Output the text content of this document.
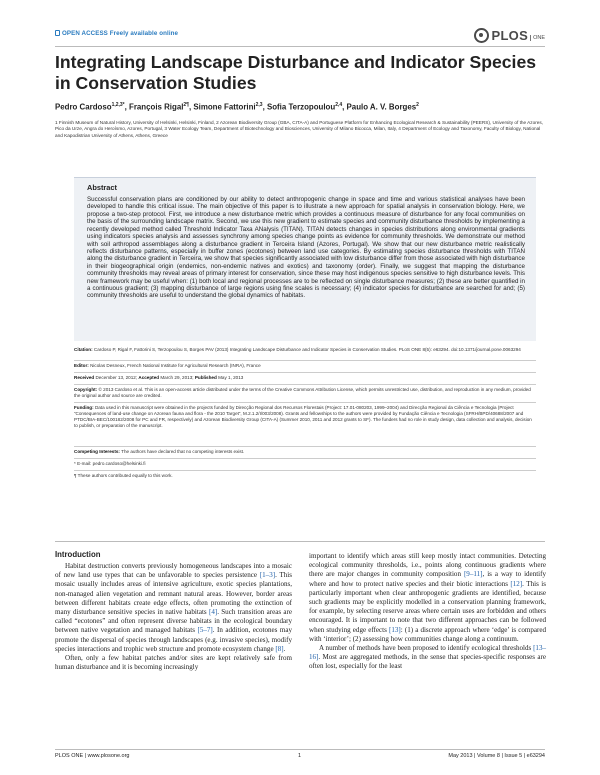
OPEN ACCESS Freely available online	PLOS ONE
Integrating Landscape Disturbance and Indicator Species in Conservation Studies
Pedro Cardoso$^{1,2,3*}$, François Rigal$^{2\P}$, Simone Fattorini$^{2,3}$, Sofia Terzopoulou$^{2,4}$, Paulo A. V. Borges$^2$

1 Finnish Museum of Natural History, University of Helsinki, Helsinki, Finland, 2 Azorean Biodiversity Group (GBA, CITA-A) and Portuguese Platform for Enhancing Ecological Research & Sustainability (PEERS), University of the Azores, Pico da Urze, Angra do Heroísmo, Azores, Portugal, 3 Water Ecology Team, Department of Biotechnology and Biosciences, University of Milano Bicocca, Milan, Italy, 4 Department of Ecology and Taxonomy, Faculty of Biology, National and Kapodistrian University of Athens, Athens, Greece

Abstract

Successful conservation plans are conditioned by our ability to detect anthropogenic change in space and time and various statistical analyses have been developed to handle this critical issue. The main objective of this paper is to illustrate a new approach for spatial analysis in conservation biology. Here, we propose a two-step protocol. First, we introduce a new disturbance metric which provides a continuous measure of disturbance for any focal communities on the basis of the surrounding landscape matrix. Second, we use this new gradient to estimate species and community disturbance thresholds by implementing a recently developed method called Threshold Indicator Taxa ANalysis (TITAN). TITAN detects changes in species distributions along environmental gradients using indicators species analysis and assesses synchrony among species change points as evidence for community thresholds. We demonstrate our method with soil arthropod assemblages along a disturbance gradient in Terceira Island (Azores, Portugal). We show that our new disturbance metric realistically reflects disturbance patterns, especially in buffer zones (ecotones) between land use categories. By estimating species disturbance thresholds with TITAN along the disturbance gradient in Terceira, we show that species significantly associated with low disturbance differ from those associated with high disturbance in their biogeographical origin (endemics, non-endemic natives and exotics) and taxonomy (order). Finally, we suggest that mapping the disturbance community thresholds may reveal areas of primary interest for conservation, since these may host indigenous species sensitive to high disturbance levels. This new framework may be useful when: (1) both local and regional processes are to be reflected on single disturbance measures; (2) these are better quantified in a continuous gradient; (3) mapping disturbance of large regions using fine scales is necessary; (4) indicator species for disturbance are searched for and; (5) community thresholds are useful to understand the global dynamics of habitats.

Citation: Cardoso P, Rigal F, Fattorini S, Terzopoulou S, Borges PAV (2013) Integrating Landscape Disturbance and Indicator Species in Conservation Studies. PLoS ONE 8(5): e63294. doi:10.1371/journal.pone.0063294

Editor: Nicolas Desneux, French National Institute for Agricultural Research (INRA), France

Received December 13, 2012; Accepted March 29, 2013; Published May 1, 2013

Copyright: © 2013 Cardoso et al. This is an open-access article distributed under the terms of the Creative Commons Attribution License, which permits unrestricted use, distribution, and reproduction in any medium, provided the original author and source are credited.

Funding: Data used in this manuscript were obtained in the projects funded by Direcção Regional dos Recursos Florestais (Project: 17.01-080203, 1999–2004) and Direcção Regional da Ciência e Tecnologia (Project “Consequences of land-use change on Azorean fauna and flora - the 2010 Target”, M.2.1.2/I/003/2008). Grants and fellowships to the authors were provided by Fundação Ciência e Tecnologia (SFRH/BPD/40688/2007 and PTDC/BIA-BEC/100182/2008 for PC and FR, respectively) and Azorean Biodiversity Group (CITA-A) (Summer 2010, 2011 and 2012 grants to SF). The funders had no role in study design, data collection and analysis, decision to publish, or preparation of the manuscript.

Competing Interests: The authors have declared that no competing interests exist.

* E-mail: pedro.cardoso@helsinki.fi

¶ These authors contributed equally to this work.

Introduction

Habitat destruction converts previously homogeneous landscapes into a mosaic of new land use types that can be unfavorable to species persistence [1–3]. This mosaic usually includes areas of intensive agriculture, exotic species plantations, non-managed alien vegetation and remnant natural areas. However, border areas between different habitats create edge effects, often promoting the extinction of many disturbance sensitive species in native habitats [4]. Such transition areas are called “ecotones” and often represent diverse habitats in the ecological boundary between native vegetation and managed habitats [5–7]. In addition, ecotones may promote the dispersal of species through landscapes (e.g. invasive species), modify species interactions and trophic web structure and promote ecosystem change [8].

Often, only a few habitat patches and/or sites are kept relatively safe from human disturbance and it is becoming increasingly

important to identify which areas still keep mostly intact communities. Detecting ecological community thresholds, i.e., points along continuous gradients where there are major changes in community composition [9–11], is a way to identify where and how to protect native species and their biotic interactions [12]. This is particularly important when clear anthropogenic gradients are identified, because such gradients may be explicitly modelled in a conservation planning framework, for example, by selecting reserve areas where certain uses are forbidden and others encouraged. It is important to note that two different approaches can be followed when studying edge effects [13]: (1) a discrete approach where ‘edge’ is compared with ‘interior’; (2) assessing how communities change along a continuum.

A number of methods have been proposed to identify ecological thresholds [13–16]. Most are aggregated methods, in the sense that species-specific responses are often lost, especially for the least

PLOS ONE | www.plosone.org	1	May 2013 | Volume 8 | Issue 5 | e63294
